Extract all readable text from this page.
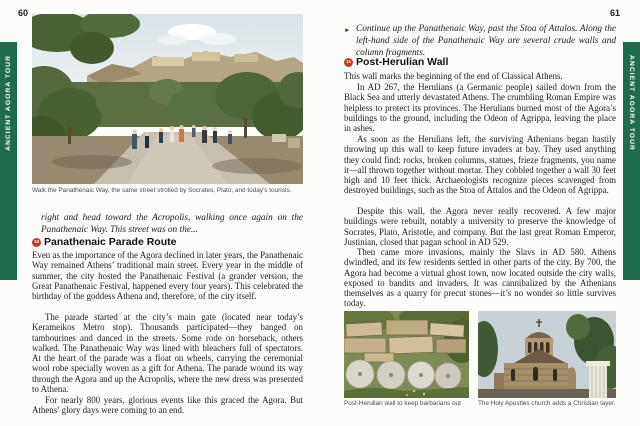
ANCIENT AGORA TOUR	ANCIENT AGORA TOUR
60	61
Walk the Panathenaic Way, the same street strolled by Socrates, Plato, and today’s tourists.

right and head toward the Acropolis, walking once again on the Panathenaic Way. This street was on the...

10 Panathenaic Parade Route

Even as the importance of the Agora declined in later years, the Panathenaic Way remained Athens’ traditional main street. Every year in the middle of summer, the city hosted the Panathenaic Festival (a grander version, the Great Panathenaic Festival, happened every four years). This celebrated the birthday of the goddess Athena and, therefore, of the city itself.

The parade started at the city’s main gate (located near today’s Kerameikos Metro stop). Thousands participated—they banged on tambourines and danced in the streets. Some rode on horseback, others walked. The Panathenaic Way was lined with bleachers full of spectators. At the heart of the parade was a float on wheels, carrying the ceremonial wool robe specially woven as a gift for Athena. The parade wound its way through the Agora and up the Acropolis, where the new dress was presented to Athena.

For nearly 800 years, glorious events like this graced the Agora. But Athens’ glory days were coming to an end.

► Continue up the Panathenaic Way, past the Stoa of Attalos. Along the left-hand side of the Panathenaic Way are several crude walls and column fragments.

11 Post-Herulian Wall

This wall marks the beginning of the end of Classical Athens.

In AD 267, the Herulians (a Germanic people) sailed down from the Black Sea and utterly devastated Athens. The crumbling Roman Empire was helpless to protect its provinces. The Herulians burned most of the Agora’s buildings to the ground, including the Odeon of Agrippa, leaving the place in ashes.

As soon as the Herulians left, the surviving Athenians began hastily throwing up this wall to keep future invaders at bay. They used anything they could find: rocks, broken columns, statues, frieze fragments, you name it—all thrown together without mortar. They cobbled together a wall 30 feet high and 10 feet thick. Archaeologists recognize pieces scavenged from destroyed buildings, such as the Stoa of Attalos and the Odeon of Agrippa.

Despite this wall, the Agora never really recovered. A few major buildings were rebuilt, notably a university to preserve the knowledge of Socrates, Plato, Aristotle, and company. But the last great Roman Emperor, Justinian, closed that pagan school in AD 529.

Then came more invasions, mainly the Slavs in AD 580. Athens dwindled, and its few residents settled in other parts of the city. By 700, the Agora had become a virtual ghost town, now located outside the city walls, exposed to bandits and invaders. It was cannibalized by the Athenians themselves as a quarry for precut stones—it’s no wonder so little survives today.

Post-Herulian wall to keep barbarians out	The Holy Apostles church adds a Christian layer.
